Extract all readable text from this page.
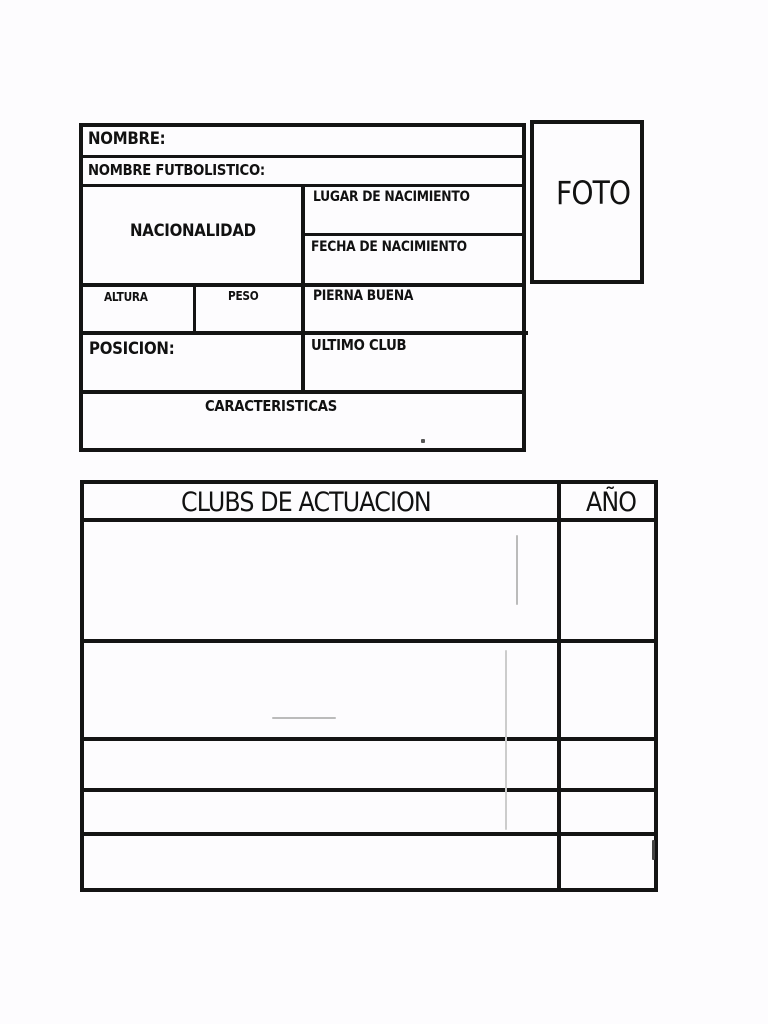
NOMBRE:
NOMBRE FUTBOLISTICO:
NACIONALIDAD
LUGAR DE NACIMIENTO
FECHA DE NACIMIENTO
ALTURA	PESO	PIERNA BUENA
POSICION:	ULTIMO CLUB
CARACTERISTICAS
FOTO
CLUBS DE ACTUACION	AÑO
